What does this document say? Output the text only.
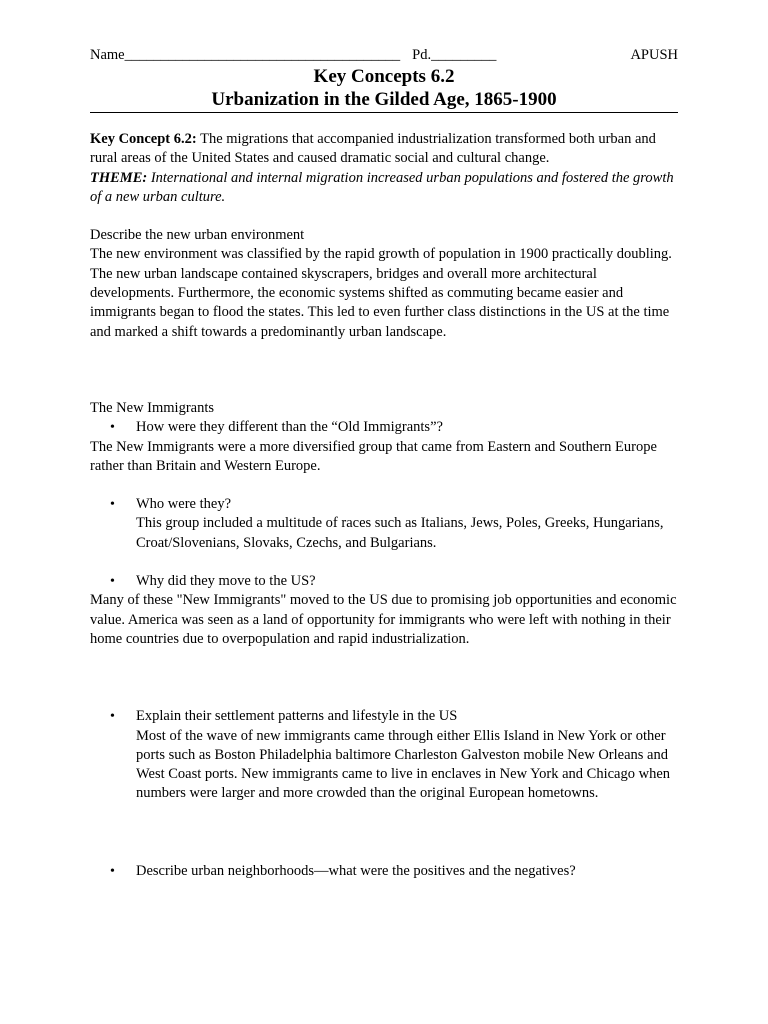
Name______________________________________ Pd._________	APUSH
Key Concepts 6.2
Urbanization in the Gilded Age, 1865-1900

Key Concept 6.2: The migrations that accompanied industrialization transformed both urban and rural areas of the United States and caused dramatic social and cultural change.

THEME: International and internal migration increased urban populations and fostered the growth of a new urban culture.

Describe the new urban environment

The new environment was classified by the rapid growth of population in 1900 practically doubling. The new urban landscape contained skyscrapers, bridges and overall more architectural developments. Furthermore, the economic systems shifted as commuting became easier and immigrants began to flood the states. This led to even further class distinctions in the US at the time and marked a shift towards a predominantly urban landscape.

The New Immigrants

•	How were they different than the “Old Immigrants”?

The New Immigrants were a more diversified group that came from Eastern and Southern Europe rather than Britain and Western Europe.

•	Who were they?
This group included a multitude of races such as Italians, Jews, Poles, Greeks, Hungarians, Croat/Slovenians, Slovaks, Czechs, and Bulgarians.
•	Why did they move to the US?

Many of these "New Immigrants" moved to the US due to promising job opportunities and economic value. America was seen as a land of opportunity for immigrants who were left with nothing in their home countries due to overpopulation and rapid industrialization.

•	Explain their settlement patterns and lifestyle in the US
Most of the wave of new immigrants came through either Ellis Island in New York or other ports such as Boston Philadelphia baltimore Charleston Galveston mobile New Orleans and West Coast ports. New immigrants came to live in enclaves in New York and Chicago when numbers were larger and more crowded than the original European hometowns.
•	Describe urban neighborhoods—what were the positives and the negatives?
